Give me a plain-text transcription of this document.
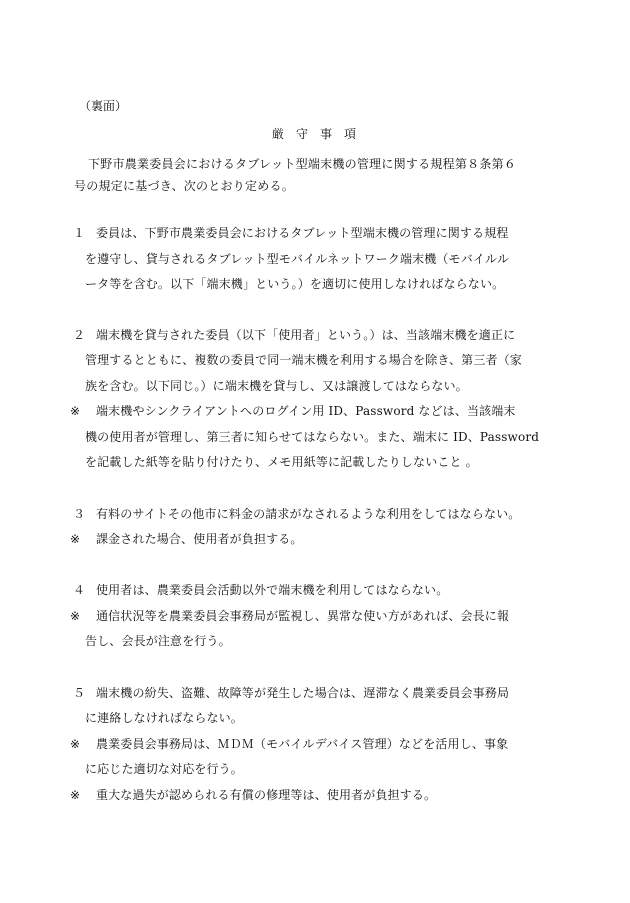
（裏面）
厳守事項
下野市農業委員会におけるタブレット型端末機の管理に関する規程第８条第６
号の規定に基づき、次のとおり定める。
１ 委員は、下野市農業委員会におけるタブレット型端末機の管理に関する規程
を遵守し、貸与されるタブレット型モバイルネットワーク端末機（モバイルル
ータ等を含む。以下「端末機」という。）を適切に使用しなければならない。
２ 端末機を貸与された委員（以下「使用者」という。）は、当該端末機を適正に
管理するとともに、複数の委員で同一端末機を利用する場合を除き、第三者（家
族を含む。以下同じ。）に端末機を貸与し、又は譲渡してはならない。
※ 端末機やシンクライアントへのログイン用 ID、Password などは、当該端末
機の使用者が管理し、第三者に知らせてはならない。また、端末に ID、Password
を記載した紙等を貼り付けたり、メモ用紙等に記載したりしないこと 。
３ 有料のサイトその他市に料金の請求がなされるような利用をしてはならない。
※ 課金された場合、使用者が負担する。
４ 使用者は、農業委員会活動以外で端末機を利用してはならない。
※ 通信状況等を農業委員会事務局が監視し、異常な使い方があれば、会長に報
告し、会長が注意を行う。
５ 端末機の紛失、盗難、故障等が発生した場合は、遅滞なく農業委員会事務局
に連絡しなければならない。
※ 農業委員会事務局は、ＭＤＭ（モバイルデバイス管理）などを活用し、事象
に応じた適切な対応を行う。
※ 重大な過失が認められる有償の修理等は、使用者が負担する。
